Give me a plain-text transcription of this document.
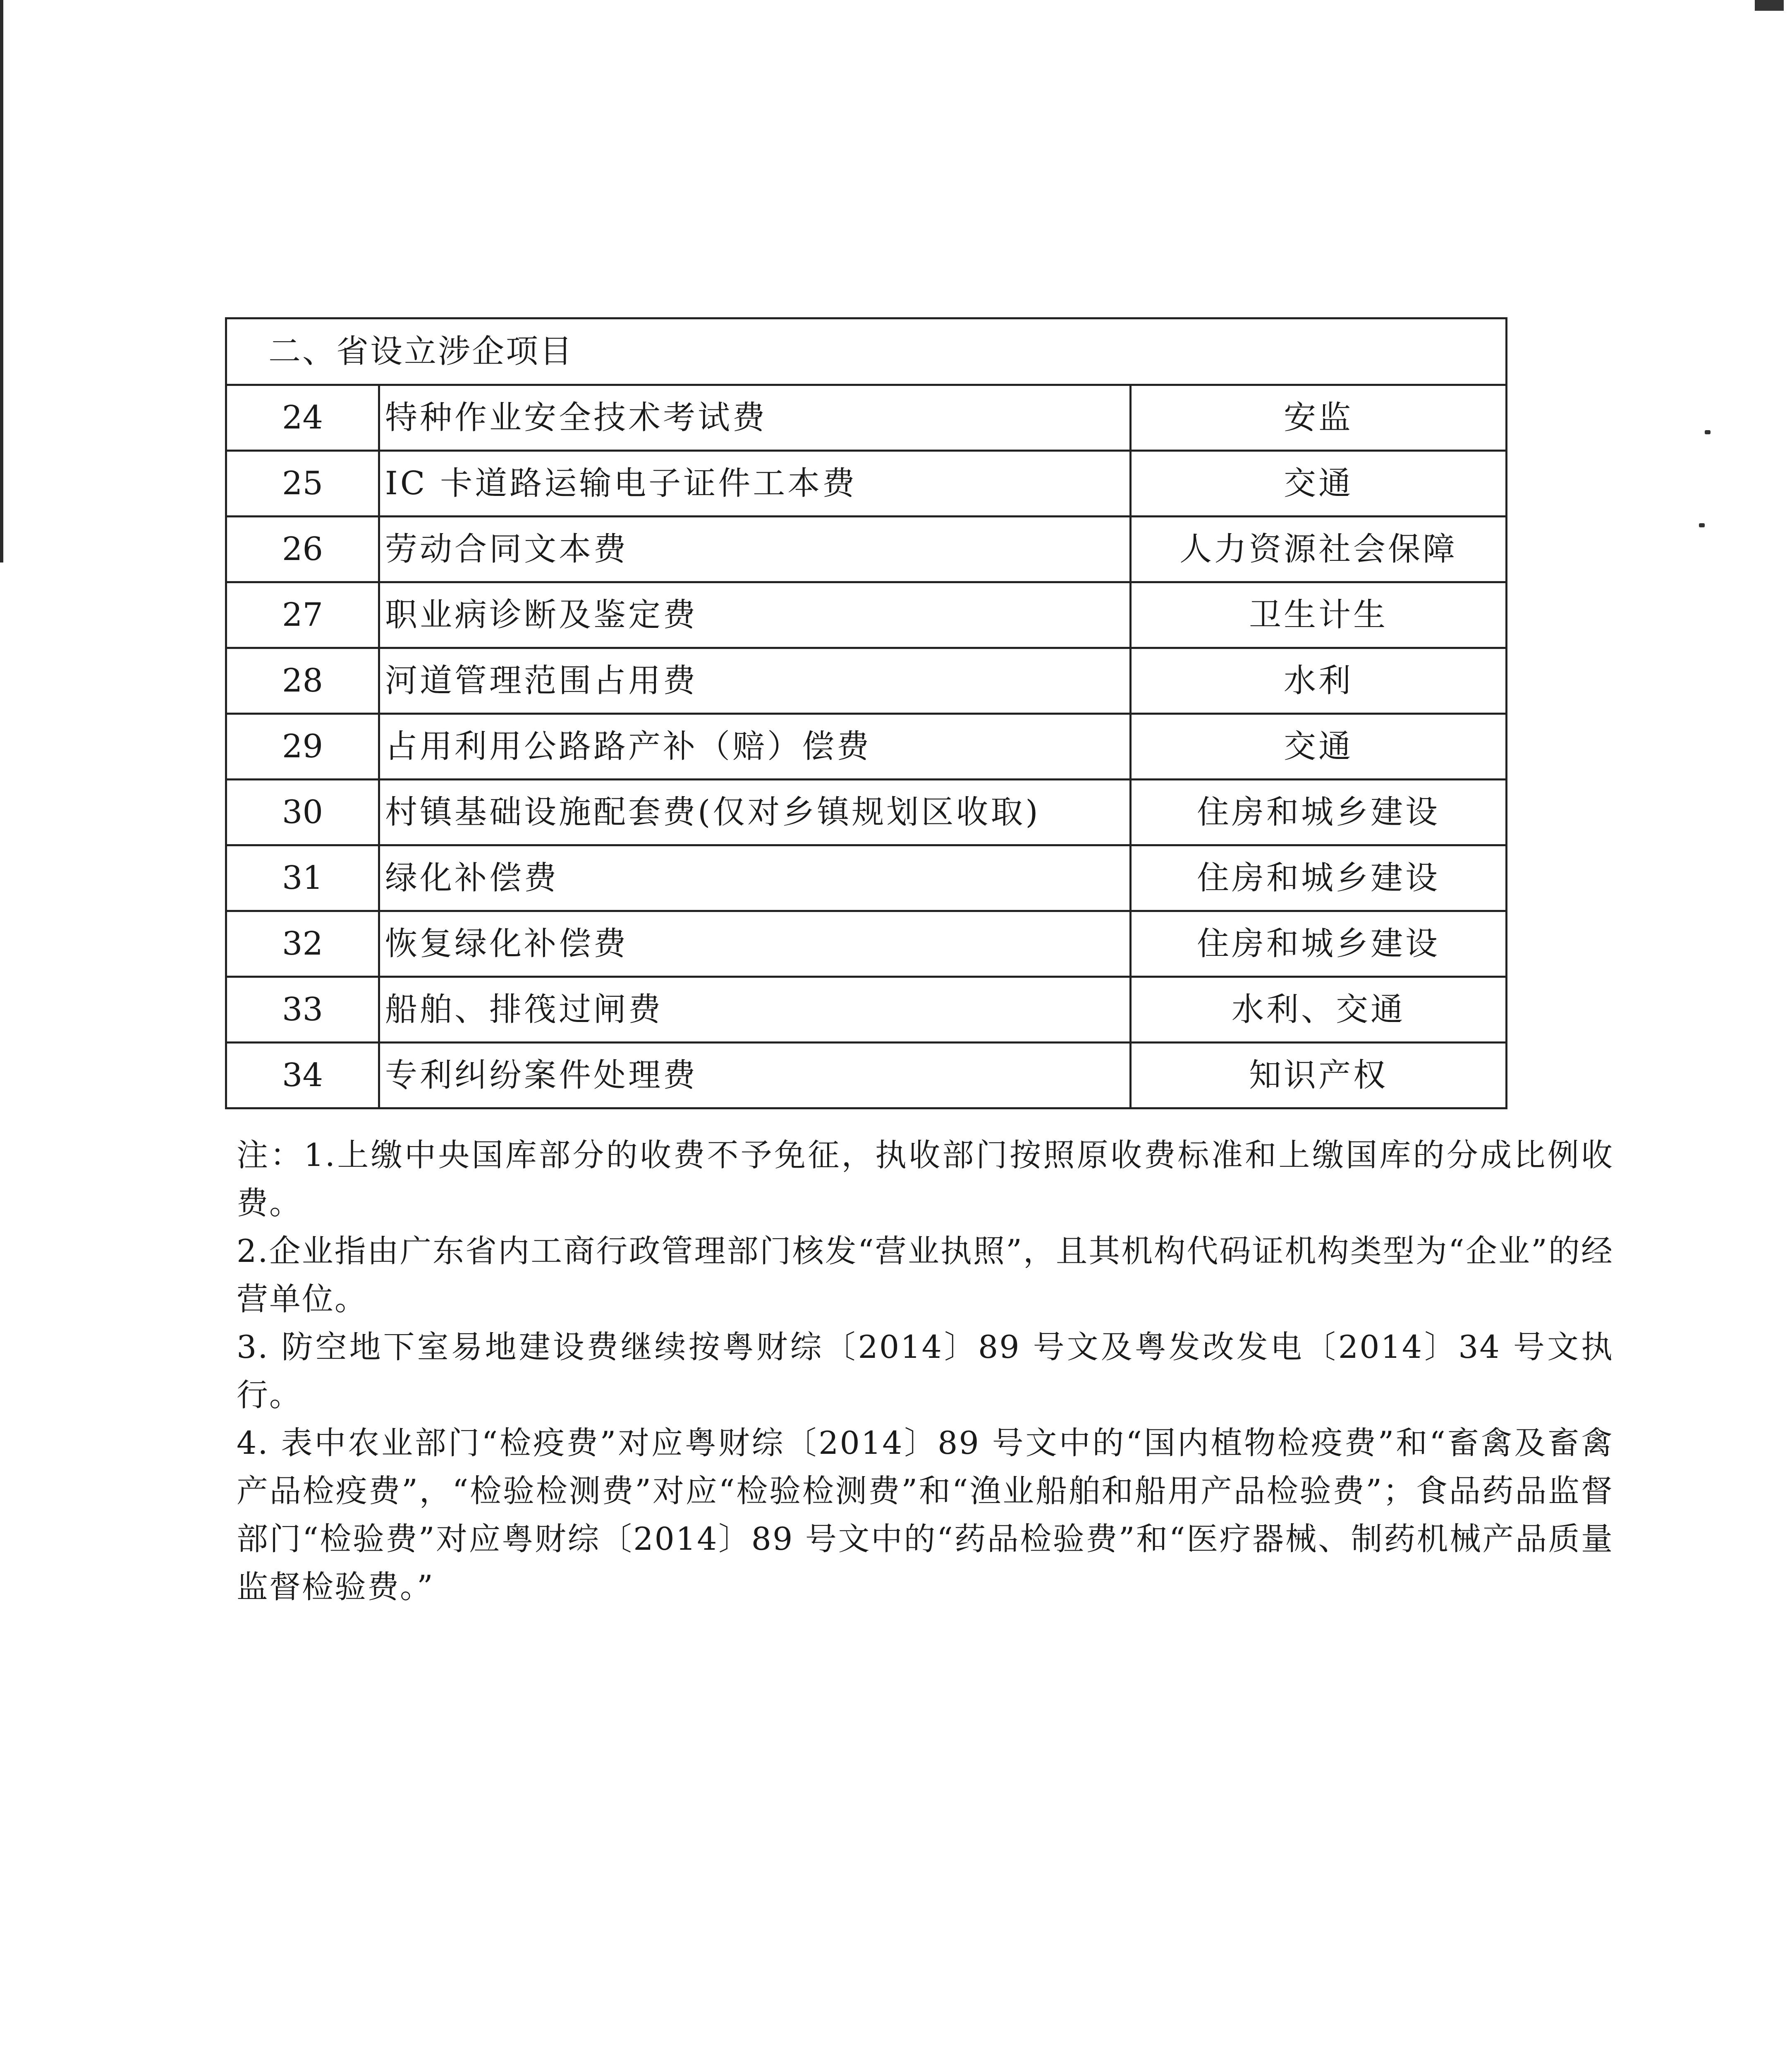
二、省设立涉企项目		
24	特种作业安全技术考试费	安监
25	IC 卡道路运输电子证件工本费	交通
26	劳动合同文本费	人力资源社会保障
27	职业病诊断及鉴定费	卫生计生
28	河道管理范围占用费	水利
29	占用利用公路路产补（赔）偿费	交通
30	村镇基础设施配套费(仅对乡镇规划区收取)	住房和城乡建设
31	绿化补偿费	住房和城乡建设
32	恢复绿化补偿费	住房和城乡建设
33	船舶、排筏过闸费	水利、交通
34	专利纠纷案件处理费	知识产权

注：1.上缴中央国库部分的收费不予免征，执收部门按照原收费标准和上缴国库的分成比例收费。

2.企业指由广东省内工商行政管理部门核发“营业执照”，且其机构代码证机构类型为“企业”的经营单位。

3. 防空地下室易地建设费继续按粤财综〔2014〕89 号文及粤发改发电〔2014〕34 号文执行。

4. 表中农业部门“检疫费”对应粤财综〔2014〕89 号文中的“国内植物检疫费”和“畜禽及畜禽产品检疫费”，“检验检测费”对应“检验检测费”和“渔业船舶和船用产品检验费”；食品药品监督部门“检验费”对应粤财综〔2014〕89 号文中的“药品检验费”和“医疗器械、制药机械产品质量监督检验费。”
